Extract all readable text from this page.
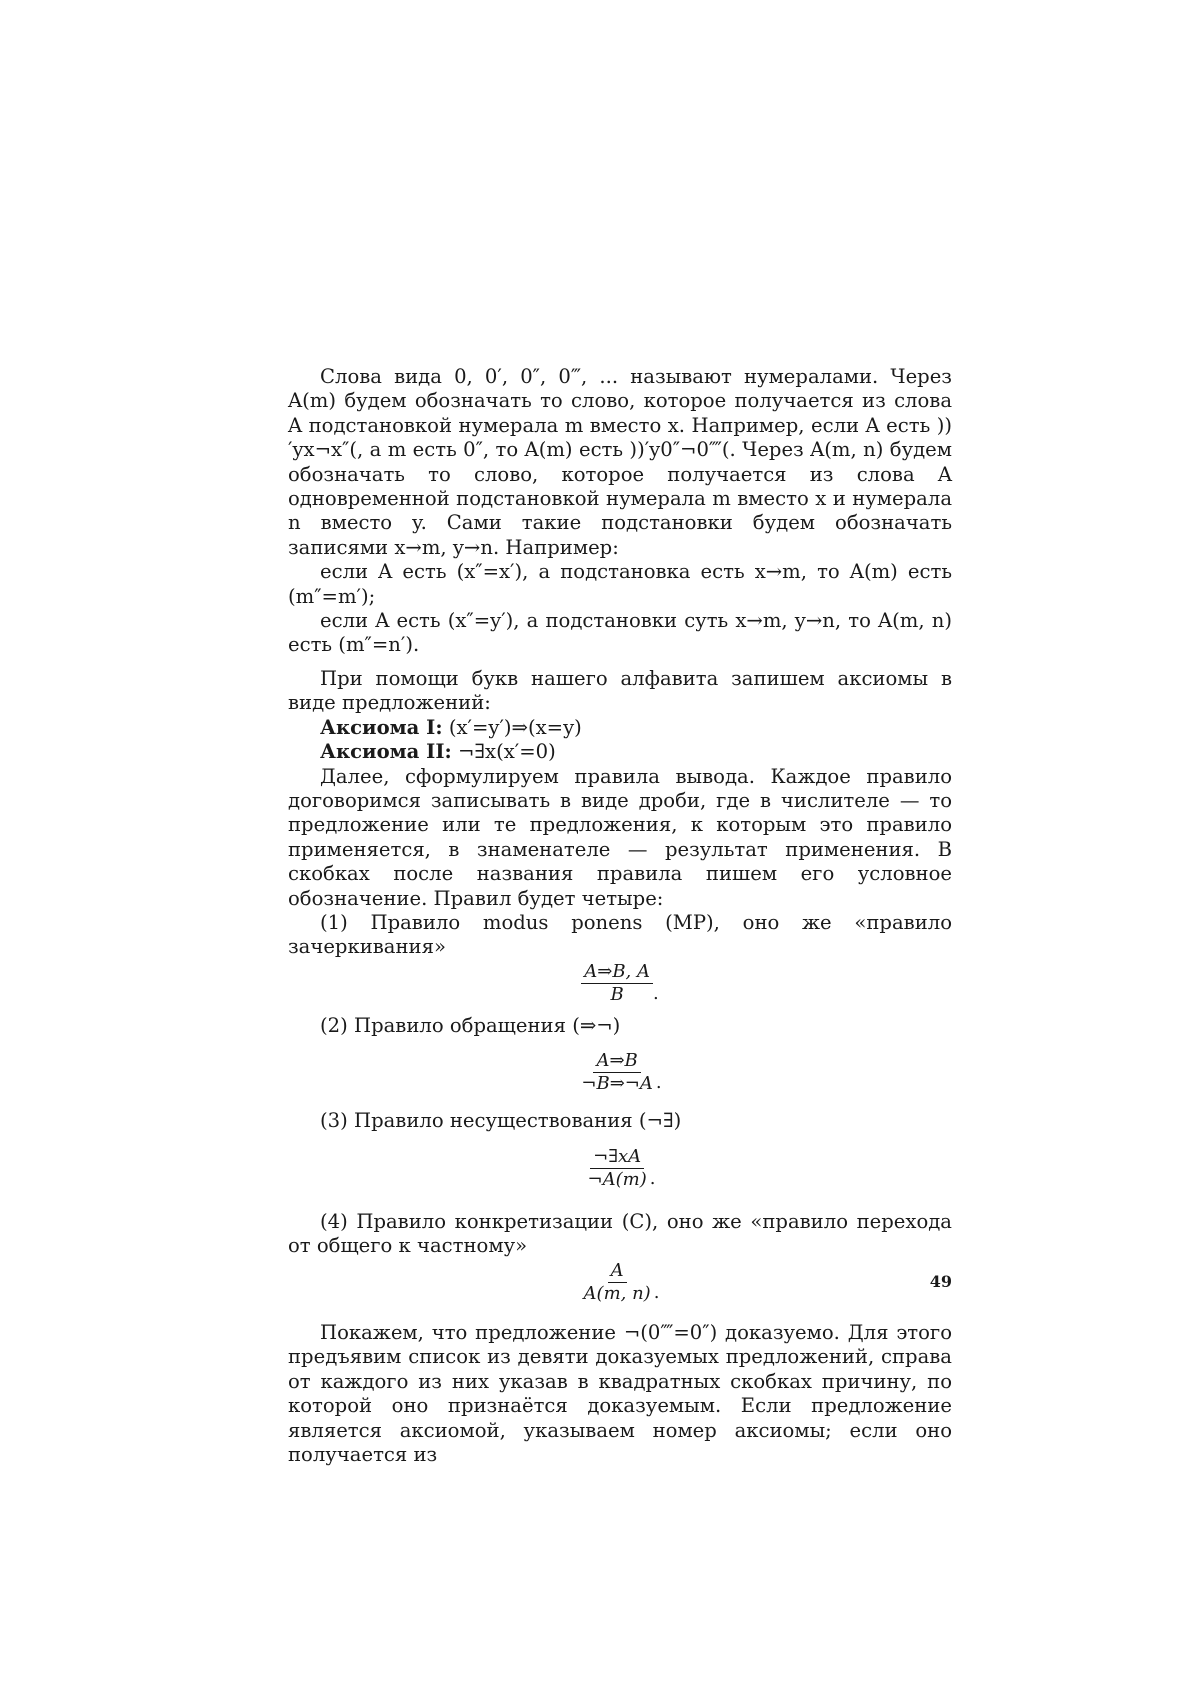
Слова вида 0, 0′, 0″, 0‴, ... называют нумералами. Через A(m) будем обозначать то слово, которое получается из слова A подстановкой нумерала m вместо x. Например, если A есть ))′yx¬x″(, а m есть 0″, то A(m) есть ))′y0″¬0⁗(. Через A(m, n) будем обозначать то слово, которое получается из слова A одновременной подстановкой нумерала m вместо x и нумерала n вместо y. Сами такие подстановки будем обозначать записями x→m, y→n. Например:

если A есть (x″=x′), а подстановка есть x→m, то A(m) есть (m″=m′);

если A есть (x″=y′), а подстановки суть x→m, y→n, то A(m, n) есть (m″=n′).

При помощи букв нашего алфавита запишем аксиомы в виде предложений:

Аксиома I: (x′=y′)⇒(x=y)

Аксиома II: ¬∃x(x′=0)

Далее, сформулируем правила вывода. Каждое правило договоримся записывать в виде дроби, где в числителе — то предложение или те предложения, к которым это правило применяется, в знаменателе — результат применения. В скобках после названия правила пишем его условное обозначение. Правил будет четыре:

(1) Правило modus ponens (MP), оно же «правило зачеркивания»

$\frac{A\Rightarrow B, A}{B}$ .

(2) Правило обращения (⇒¬)

$\frac{A\Rightarrow B}{\neg B\Rightarrow\neg A}$ .

(3) Правило несуществования (¬∃)

$\frac{\neg\exists xA}{\neg A(m)}$ .

(4) Правило конкретизации (C), оно же «правило перехода от общего к частному»

$\frac{A}{A(m, n)}$ .

Покажем, что предложение ¬(0⁗=0″) доказуемо. Для этого предъявим список из девяти доказуемых предложений, справа от каждого из них указав в квадратных скобках причину, по которой оно признаётся доказуемым. Если предложение является аксиомой, указываем номер аксиомы; если оно получается из

49
